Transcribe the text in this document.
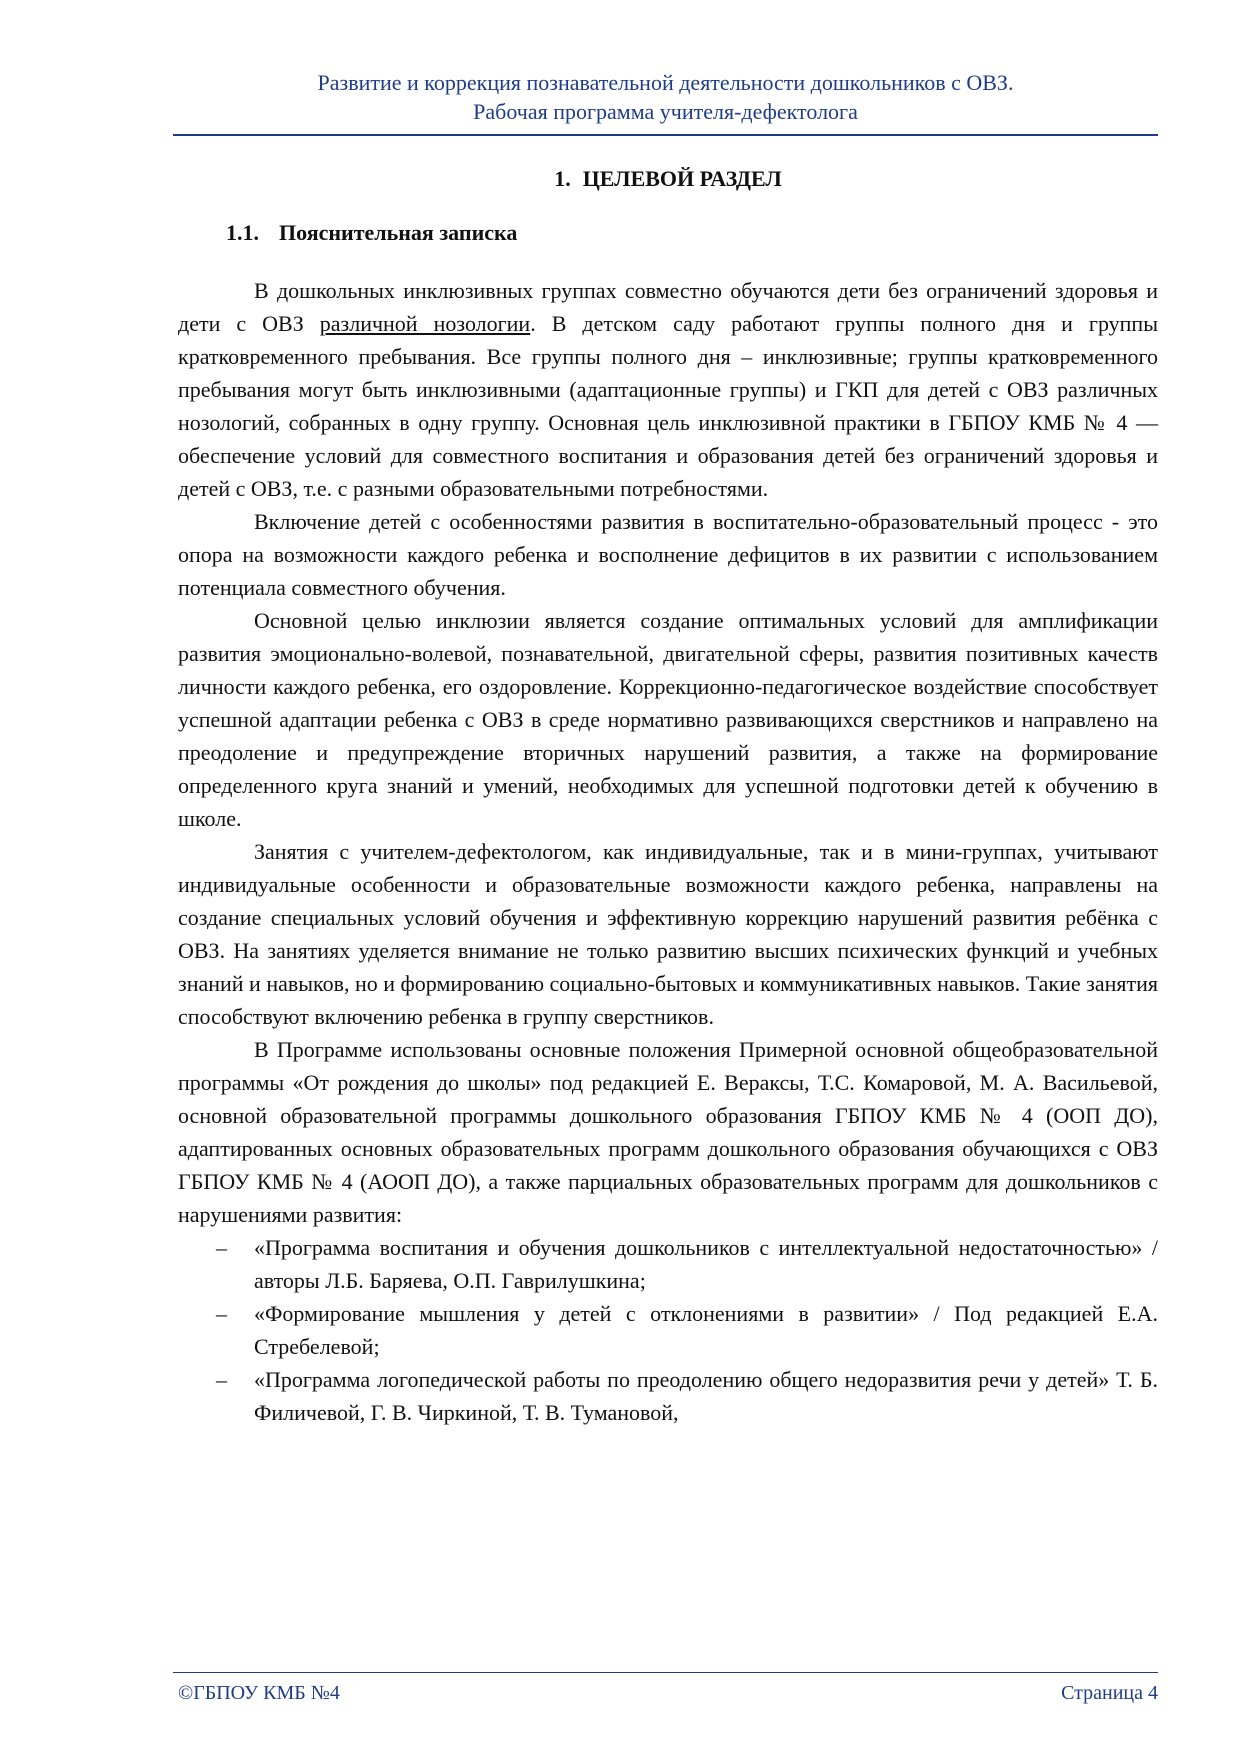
Развитие и коррекция познавательной деятельности дошкольников с ОВЗ.
Рабочая программа учителя-дефектолога
1. ЦЕЛЕВОЙ РАЗДЕЛ
1.1. Пояснительная записка

В дошкольных инклюзивных группах совместно обучаются дети без ограничений здоровья и дети с ОВЗ различной нозологии. В детском саду работают группы полного дня и группы кратковременного пребывания. Все группы полного дня – инклюзивные; группы кратковременного пребывания могут быть инклюзивными (адаптационные группы) и ГКП для детей с ОВЗ различных нозологий, собранных в одну группу. Основная цель инклюзивной практики в ГБПОУ КМБ № 4 — обеспечение условий для совместного воспитания и образования детей без ограничений здоровья и детей с ОВЗ, т.е. с разными образовательными потребностями.

Включение детей с особенностями развития в воспитательно-образовательный процесс - это опора на возможности каждого ребенка и восполнение дефицитов в их развитии с использованием потенциала совместного обучения.

Основной целью инклюзии является создание оптимальных условий для амплификации развития эмоционально-волевой, познавательной, двигательной сферы, развития позитивных качеств личности каждого ребенка, его оздоровление. Коррекционно-педагогическое воздействие способствует успешной адаптации ребенка с ОВЗ в среде нормативно развивающихся сверстников и направлено на преодоление и предупреждение вторичных нарушений развития, а также на формирование определенного круга знаний и умений, необходимых для успешной подготовки детей к обучению в школе.

Занятия с учителем-дефектологом, как индивидуальные, так и в мини-группах, учитывают индивидуальные особенности и образовательные возможности каждого ребенка, направлены на создание специальных условий обучения и эффективную коррекцию нарушений развития ребёнка с ОВЗ. На занятиях уделяется внимание не только развитию высших психических функций и учебных знаний и навыков, но и формированию социально-бытовых и коммуникативных навыков. Такие занятия способствуют включению ребенка в группу сверстников.

В Программе использованы основные положения Примерной основной общеобразовательной программы «От рождения до школы» под редакцией Е. Вераксы, Т.С. Комаровой, М. А. Васильевой, основной образовательной программы дошкольного образования ГБПОУ КМБ № 4 (ООП ДО), адаптированных основных образовательных программ дошкольного образования обучающихся с ОВЗ ГБПОУ КМБ № 4 (АООП ДО), а также парциальных образовательных программ для дошкольников с нарушениями развития:

– «Программа воспитания и обучения дошкольников с интеллектуальной недостаточностью» / авторы Л.Б. Баряева, О.П. Гаврилушкина;
– «Формирование мышления у детей с отклонениями в развитии» / Под редакцией Е.А. Стребелевой;
– «Программа логопедической работы по преодолению общего недоразвития речи у детей» Т. Б. Филичевой, Г. В. Чиркиной, Т. В. Тумановой,
©ГБПОУ КМБ №4	Страница 4
